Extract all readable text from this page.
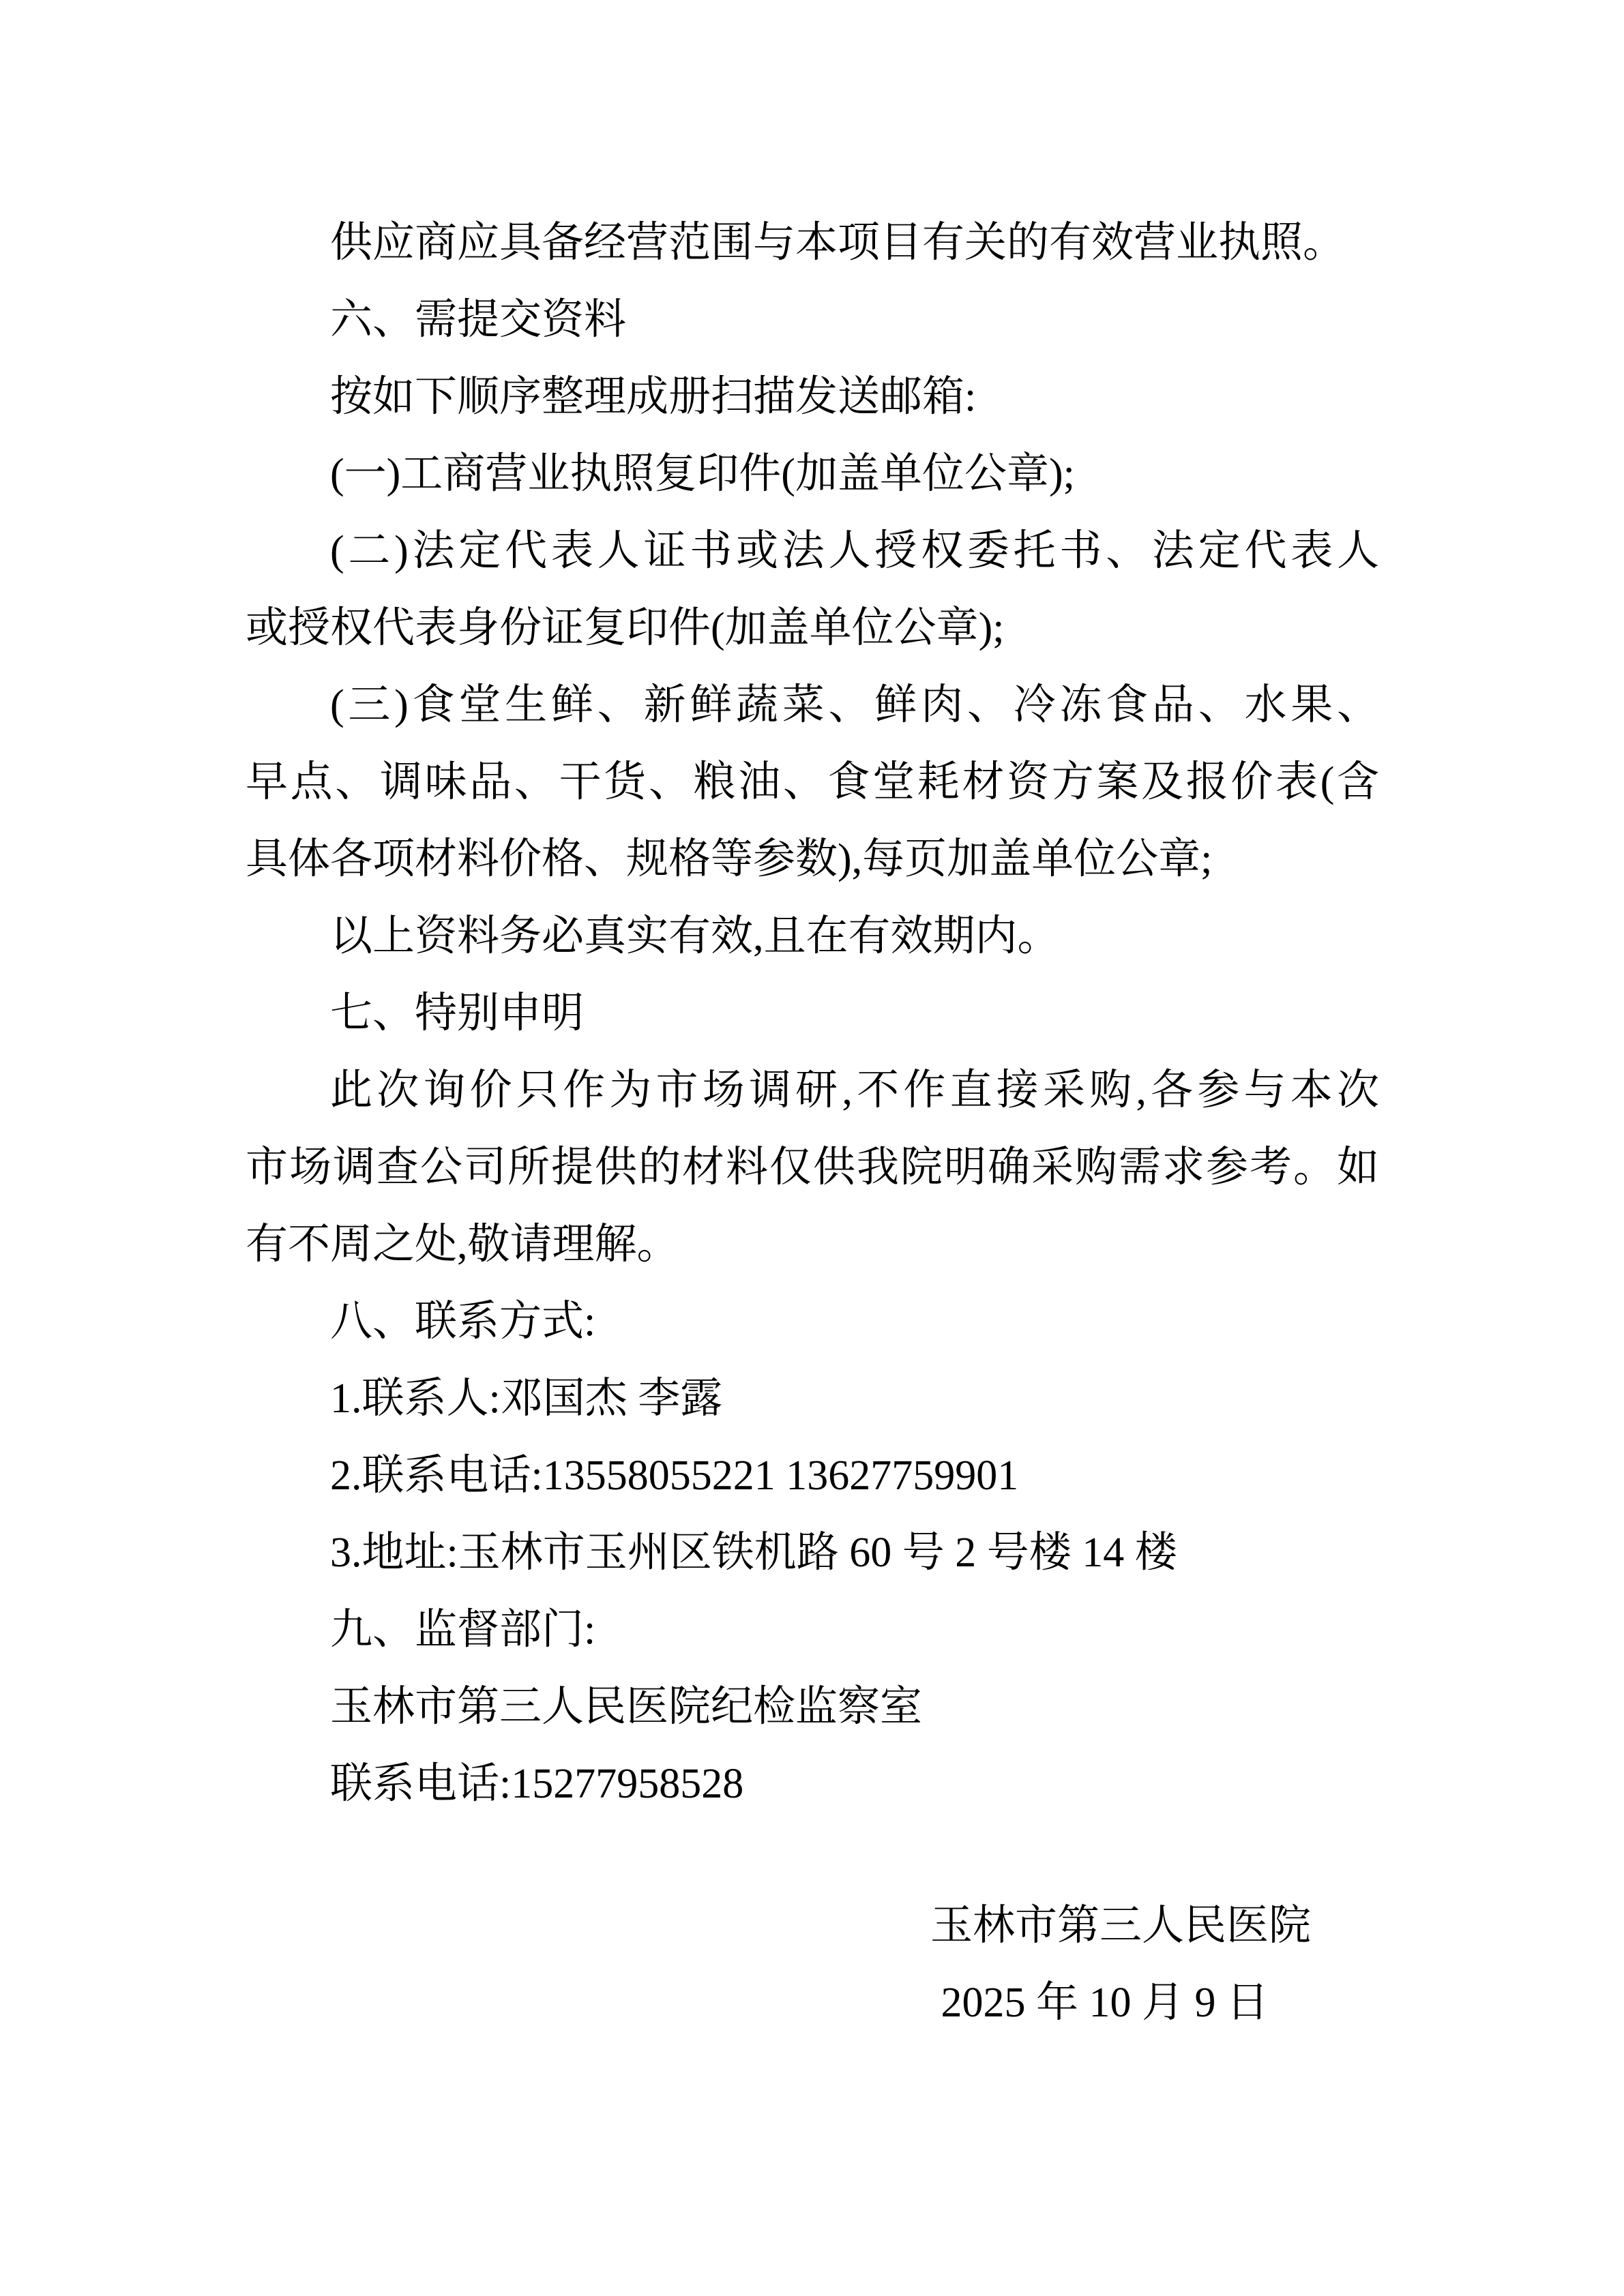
供应商应具备经营范围与本项目有关的有效营业执照。
六、需提交资料
按如下顺序整理成册扫描发送邮箱:
(一)工商营业执照复印件(加盖单位公章);
(二)法定代表人证书或法人授权委托书、法定代表人
或授权代表身份证复印件(加盖单位公章);
(三)食堂生鲜、新鲜蔬菜、鲜肉、冷冻食品、水果、
早点、调味品、干货、粮油、食堂耗材资方案及报价表(含
具体各项材料价格、规格等参数),每页加盖单位公章;
以上资料务必真实有效,且在有效期内。
七、特别申明
此次询价只作为市场调研,不作直接采购,各参与本次
市场调查公司所提供的材料仅供我院明确采购需求参考。如
有不周之处,敬请理解。
八、联系方式:
1.联系人:邓国杰 李露
2.联系电话:13558055221 13627759901
3.地址:玉林市玉州区铁机路 60 号 2 号楼 14 楼
九、监督部门:
玉林市第三人民医院纪检监察室
联系电话:15277958528
玉林市第三人民医院
2025 年 10 月 9 日
